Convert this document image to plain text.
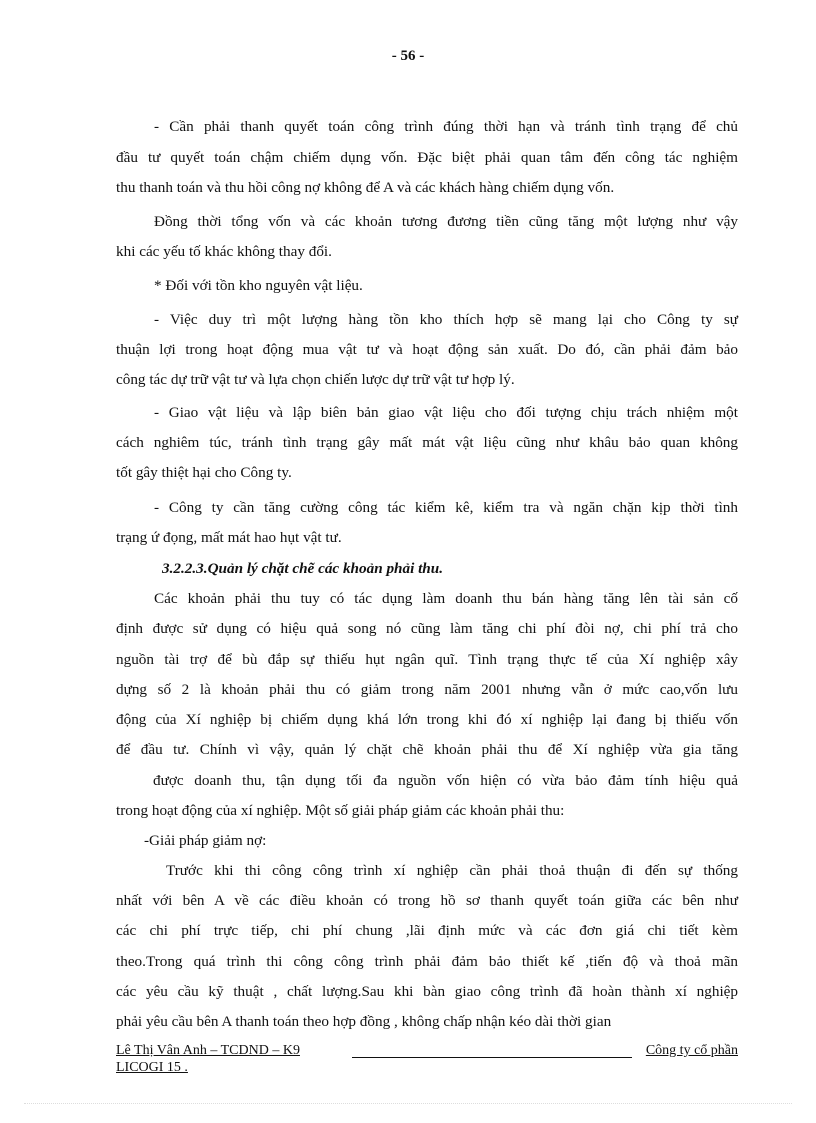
- 56 -
- Cần phải thanh quyết toán công trình đúng thời hạn và tránh tình trạng để chủ
đầu tư quyết toán chậm chiếm dụng vốn. Đặc biệt phải quan tâm đến công tác nghiệm
thu thanh toán và thu hồi công nợ không để A và các khách hàng chiếm dụng vốn.
Đồng thời tổng vốn và các khoản tương đương tiền cũng tăng một lượng như vậy
khi các yếu tố khác không thay đổi.
* Đối với tồn kho nguyên vật liệu.
- Việc duy trì một lượng hàng tồn kho thích hợp sẽ mang lại cho Công ty sự
thuận lợi trong hoạt động mua vật tư và hoạt động sản xuất. Do đó, cần phải đảm bảo
công tác dự trữ vật tư và lựa chọn chiến lược dự trữ vật tư hợp lý.
- Giao vật liệu và lập biên bản giao vật liệu cho đối tượng chịu trách nhiệm một
cách nghiêm túc, tránh tình trạng gây mất mát vật liệu cũng như khâu bảo quan không
tốt gây thiệt hại cho Công ty.
- Công ty cần tăng cường công tác kiểm kê, kiểm tra và ngăn chặn kịp thời tình
trạng ứ đọng, mất mát hao hụt vật tư.
3.2.2.3.Quản lý chặt chẽ các khoản phải thu.
Các khoản phải thu tuy có tác dụng làm doanh thu bán hàng tăng lên tài sản cố
định được sử dụng có hiệu quả song nó cũng làm tăng chi phí đòi nợ, chi phí trả cho
nguồn tài trợ để bù đắp sự thiếu hụt ngân quĩ. Tình trạng thực tế của Xí nghiệp xây
dựng số 2 là khoản phải thu có giảm trong năm 2001 nhưng vẫn ở mức cao,vốn lưu
động của Xí nghiệp bị chiếm dụng khá lớn trong khi đó xí nghiệp lại đang bị thiếu vốn
để đầu tư. Chính vì vậy, quản lý chặt chẽ khoản phải thu để Xí nghiệp vừa gia tăng
được doanh thu, tận dụng tối đa nguồn vốn hiện có vừa bảo đảm tính hiệu quả
trong hoạt động của xí nghiệp. Một số giải pháp giảm các khoản phải thu:
-Giải pháp giảm nợ:
Trước khi thi công công trình xí nghiệp cần phải thoả thuận đi đến sự thống
nhất với bên A về các điều khoản có trong hồ sơ thanh quyết toán giữa các bên như
các chi phí trực tiếp, chi phí chung ,lãi định mức và các đơn giá chi tiết kèm
theo.Trong quá trình thi công công trình phải đảm bảo thiết kế ,tiến độ và thoả mãn
các yêu cầu kỹ thuật , chất lượng.Sau khi bàn giao công trình đã hoàn thành xí nghiệp
phải yêu cầu bên A thanh toán theo hợp đồng , không chấp nhận kéo dài thời gian
Lê Thị Vân Anh – TCDND – K9	Công ty cổ phần
LICOGI 15 .
